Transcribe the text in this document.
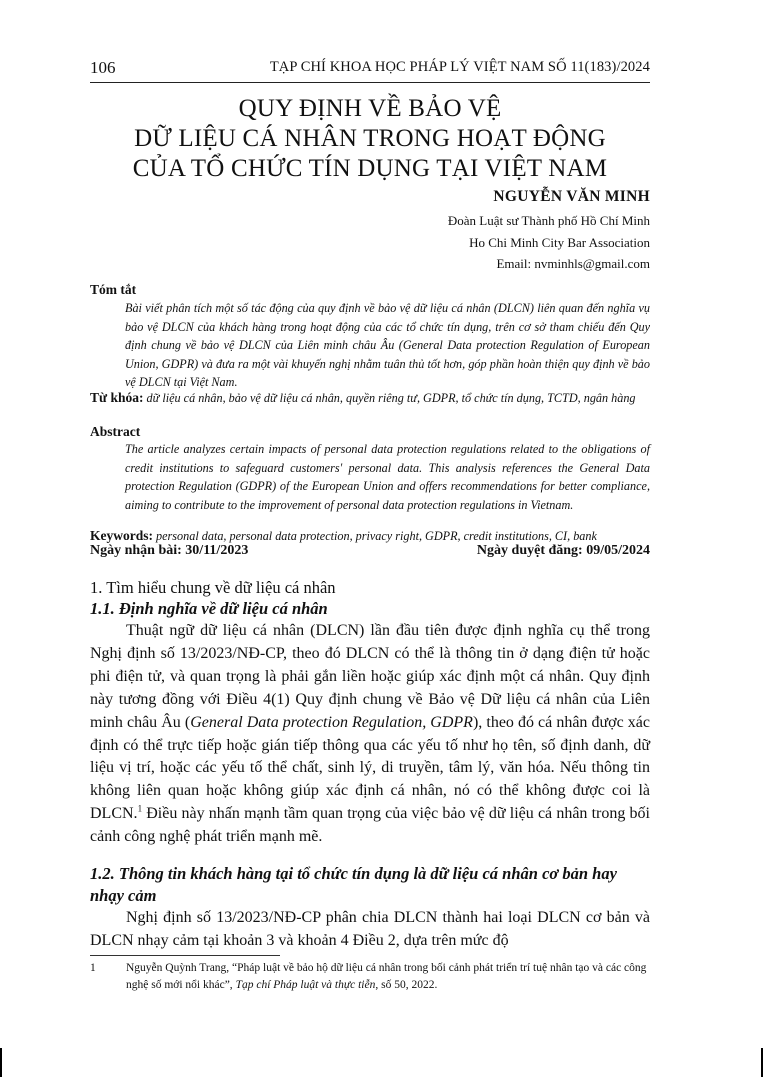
106	TẠP CHÍ KHOA HỌC PHÁP LÝ VIỆT NAM SỐ 11(183)/2024
QUY ĐỊNH VỀ BẢO VỆ
DỮ LIỆU CÁ NHÂN TRONG HOẠT ĐỘNG
CỦA TỔ CHỨC TÍN DỤNG TẠI VIỆT NAM
NGUYỄN VĂN MINH
Đoàn Luật sư Thành phố Hồ Chí Minh
Ho Chi Minh City Bar Association
Email: nvminhls@gmail.com
Tóm tắt
Bài viết phân tích một số tác động của quy định về bảo vệ dữ liệu cá nhân (DLCN) liên quan đến nghĩa vụ bảo vệ DLCN của khách hàng trong hoạt động của các tổ chức tín dụng, trên cơ sở tham chiếu đến Quy định chung về bảo vệ DLCN của Liên minh châu Âu (General Data protection Regulation of European Union, GDPR) và đưa ra một vài khuyến nghị nhằm tuân thủ tốt hơn, góp phần hoàn thiện quy định về bảo vệ DLCN tại Việt Nam.
Từ khóa: dữ liệu cá nhân, bảo vệ dữ liệu cá nhân, quyền riêng tư, GDPR, tổ chức tín dụng, TCTD, ngân hàng
Abstract
The article analyzes certain impacts of personal data protection regulations related to the obligations of credit institutions to safeguard customers' personal data. This analysis references the General Data protection Regulation (GDPR) of the European Union and offers recommendations for better compliance, aiming to contribute to the improvement of personal data protection regulations in Vietnam.
Keywords: personal data, personal data protection, privacy right, GDPR, credit institutions, CI, bank
Ngày nhận bài: 30/11/2023	Ngày duyệt đăng: 09/05/2024
1. Tìm hiểu chung về dữ liệu cá nhân
1.1. Định nghĩa về dữ liệu cá nhân
Thuật ngữ dữ liệu cá nhân (DLCN) lần đầu tiên được định nghĩa cụ thể trong Nghị định số 13/2023/NĐ-CP, theo đó DLCN có thể là thông tin ở dạng điện tử hoặc phi điện tử, và quan trọng là phải gắn liền hoặc giúp xác định một cá nhân. Quy định này tương đồng với Điều 4(1) Quy định chung về Bảo vệ Dữ liệu cá nhân của Liên minh châu Âu (General Data protection Regulation, GDPR), theo đó cá nhân được xác định có thể trực tiếp hoặc gián tiếp thông qua các yếu tố như họ tên, số định danh, dữ liệu vị trí, hoặc các yếu tố thể chất, sinh lý, di truyền, tâm lý, văn hóa. Nếu thông tin không liên quan hoặc không giúp xác định cá nhân, nó có thể không được coi là DLCN.$^1$ Điều này nhấn mạnh tầm quan trọng của việc bảo vệ dữ liệu cá nhân trong bối cảnh công nghệ phát triển mạnh mẽ.
1.2. Thông tin khách hàng tại tổ chức tín dụng là dữ liệu cá nhân cơ bản hay
nhạy cảm
Nghị định số 13/2023/NĐ-CP phân chia DLCN thành hai loại DLCN cơ bản và DLCN nhạy cảm tại khoản 3 và khoản 4 Điều 2, dựa trên mức độ
1	Nguyễn Quỳnh Trang, “Pháp luật về bảo hộ dữ liệu cá nhân trong bối cảnh phát triển trí tuệ nhân tạo và các công nghệ số mới nổi khác”, Tạp chí Pháp luật và thực tiễn, số 50, 2022.
